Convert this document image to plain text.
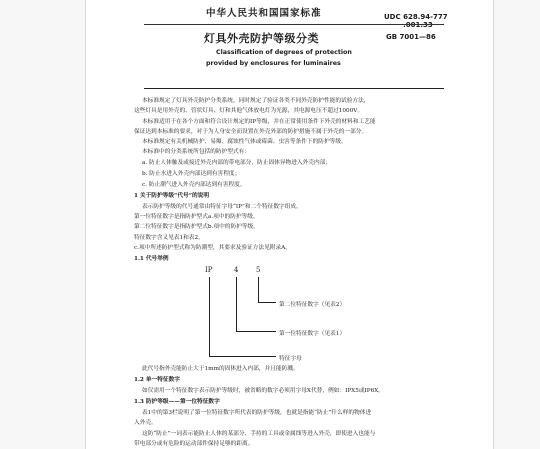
中华人民共和国国家标准	UDC 628.94-777
.001.33
灯具外壳防护等级分类	GB 7001—86
Classification of degrees of protection
provided by enclosures for luminaires
本标准规定了灯具外壳防护分类系统，同时规定了验证各类不同外壳防护性能的试验方法，
这些灯具是用外壳的、管状灯具、灯和其他气体放电灯为光源，其电源电压不超过1000V。
本标准适用于在各个方面和符合设计规定的IP等级，并在正常使用条件下外壳的材料和工艺能
保证达到本标准的要求，对于为人身安全而设置在外壳外部的防护措施不属于外壳的一部分。
本标准规定有关机械防护、易爆、腐蚀性气体或霉菌、虫害等条件下的防护等级。
本标准中的分类系统所包括的防护型式有：
a. 防止人体触及或接近外壳内部的带电部分，防止固体异物进入外壳内部；
b. 防止水进入外壳内部达到有害程度；
c. 防止潮气进入外壳内部达到有害程度。
1 关于防护等级“代号”的说明
表示防护等级的代号通常由特征字母“IP”和二个特征数字组成。
第一位特征数字是指防护型式a.项中的防护等级。
第二位特征数字是指防护型式b.项中的防护等级。
特征数字含义见表1和表2。
c.项中所述防护型式称为防潮型，其要求及验证方法见附录A。
1.1 代号举例
IP	4	5
第二位特征数字（见表2）
第一位特征数字（见表1）
特征字母
此代号指外壳能防止大于1mm的固体进入内部，并且能防溅。
1.2 单一特征数字
如仅需用一个特征数字表示防护等级时，被省略的数字必须用字母X代替，例如：IPX5或IP6X。
1.3 防护等级——第一位特征数字
表1中的第3栏说明了第一位特征数字所代表的防护等级，也就是指能“防止”什么样的物体进
入外壳。
这防“防止”一词表示能防止人体的某部分、手持的工具或金属线等进入外壳，即使进入也能与
带电部分或有危险的运动部件保持足够的距离。
